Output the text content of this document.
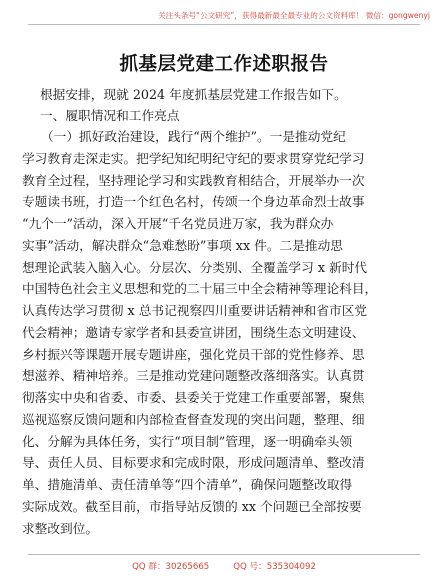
关注头条号“公文研究”，获得最新最全最专业的公文资料库！ 微信：gongwenyj
抓基层党建工作述职报告
根据安排，现就 2024 年度抓基层党建工作报告如下。
一、履职情况和工作亮点
（一）抓好政治建设，践行“两个维护”。一是推动党纪
学习教育走深走实。把学纪知纪明纪守纪的要求贯穿党纪学习
教育全过程，坚持理论学习和实践教育相结合，开展举办一次
专题读书班，打造一个红色名村，传颂一个身边革命烈士故事
“九个一”活动，深入开展“千名党员进万家，我为群众办
实事”活动，解决群众“急难愁盼”事项 xx 件。二是推动思
想理论武装入脑入心。分层次、分类别、全覆盖学习 x 新时代
中国特色社会主义思想和党的二十届三中全会精神等理论科目，
认真传达学习贯彻 x 总书记视察四川重要讲话精神和省市区党
代会精神；邀请专家学者和县委宣讲团，围绕生态文明建设、
乡村振兴等课题开展专题讲座，强化党员干部的党性修养、思
想滋养、精神培养。三是推动党建问题整改落细落实。认真贯
彻落实中央和省委、市委、县委关于党建工作重要部署，聚焦
巡视巡察反馈问题和内部检查督查发现的突出问题，整理、细
化、分解为具体任务，实行“项目制”管理，逐一明确牵头领
导、责任人员、目标要求和完成时限，形成问题清单、整改清
单、措施清单、责任清单等“四个清单”，确保问题整改取得
实际成效。截至目前，市指导站反馈的 xx 个问题已全部按要
求整改到位。
QQ 群：30265665	QQ 号：535304092
